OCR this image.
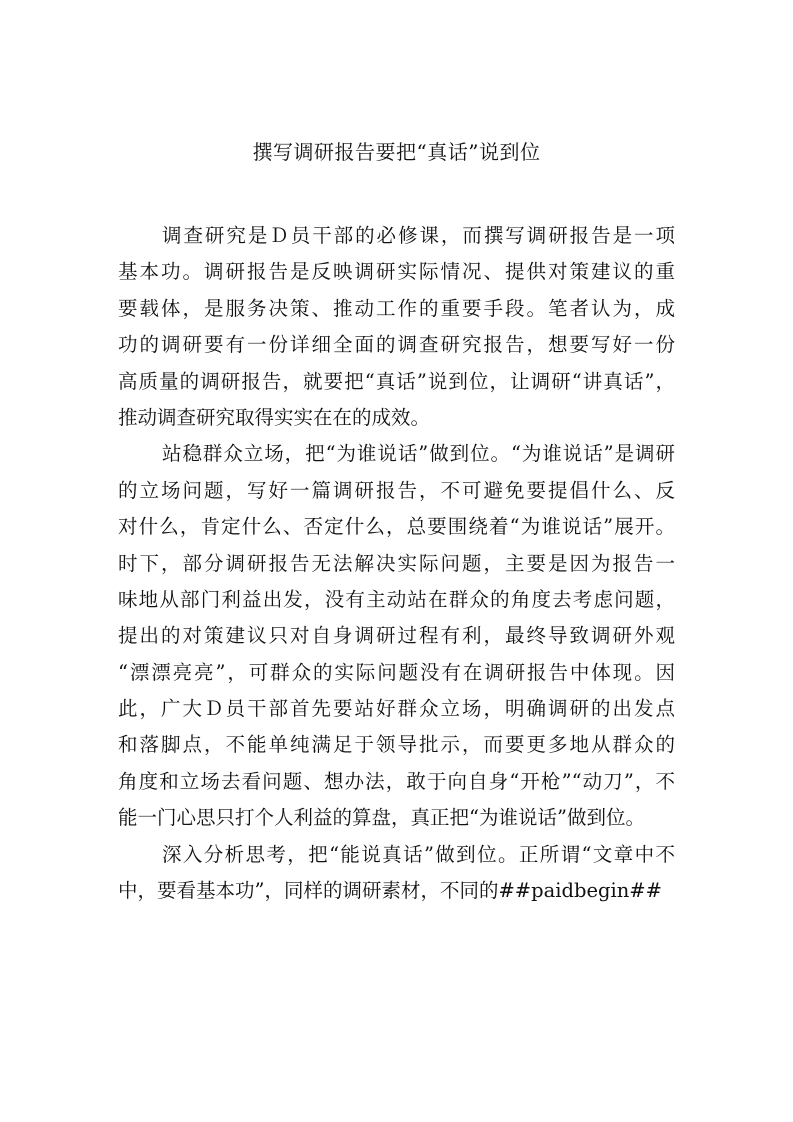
撰写调研报告要把“真话”说到位
调查研究是Ｄ员干部的必修课，而撰写调研报告是一项
基本功。调研报告是反映调研实际情况、提供对策建议的重
要载体，是服务决策、推动工作的重要手段。笔者认为，成
功的调研要有一份详细全面的调查研究报告，想要写好一份
高质量的调研报告，就要把“真话”说到位，让调研“讲真话”，
推动调查研究取得实实在在的成效。
站稳群众立场，把“为谁说话”做到位。“为谁说话”是调研
的立场问题，写好一篇调研报告，不可避免要提倡什么、反
对什么，肯定什么、否定什么，总要围绕着“为谁说话”展开。
时下，部分调研报告无法解决实际问题，主要是因为报告一
味地从部门利益出发，没有主动站在群众的角度去考虑问题，
提出的对策建议只对自身调研过程有利，最终导致调研外观
“漂漂亮亮”，可群众的实际问题没有在调研报告中体现。因
此，广大Ｄ员干部首先要站好群众立场，明确调研的出发点
和落脚点，不能单纯满足于领导批示，而要更多地从群众的
角度和立场去看问题、想办法，敢于向自身“开枪”“动刀”，不
能一门心思只打个人利益的算盘，真正把“为谁说话”做到位。
深入分析思考，把“能说真话”做到位。正所谓“文章中不
中，要看基本功”，同样的调研素材，不同的##paidbegin##
